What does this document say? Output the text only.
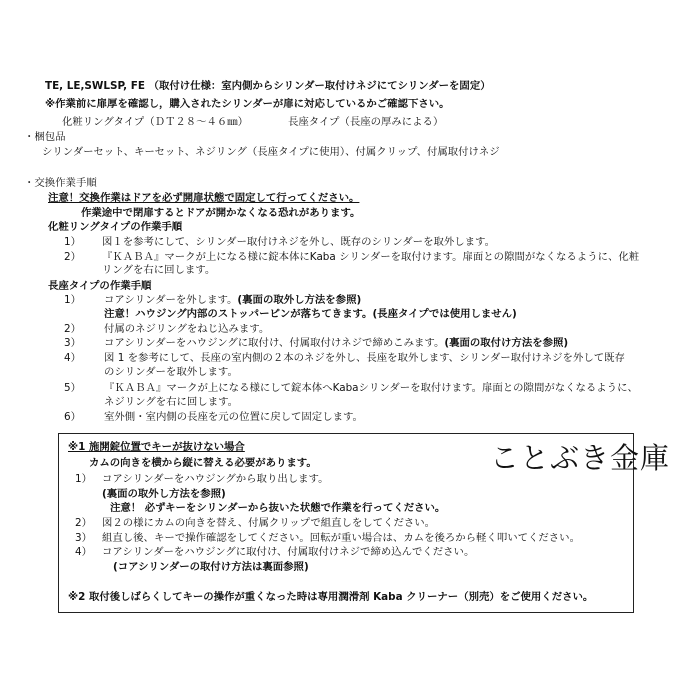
TE, LE,SWLSP, FE （取付け仕様：室内側からシリンダー取付けネジにてシリンダーを固定）
※作業前に扉厚を確認し，購入されたシリンダーが扉に対応しているかご確認下さい。
化粧リングタイプ（ＤＴ２８～４６㎜）	長座タイプ（長座の厚みによる）
・梱包品
シリンダーセット、キーセット、ネジリング（長座タイプに使用）、付属クリップ、付属取付けネジ
・交換作業手順
注意！交換作業はドアを必ず開扉状態で固定して行ってください。
作業途中で閉扉するとドアが開かなくなる恐れがあります。
化粧リングタイプの作業手順
1） 図１を参考にして、シリンダー取付けネジを外し、既存のシリンダーを取外します。
2） 『ＫＡＢＡ』マークが上になる様に錠本体にKaba シリンダーを取付けます。扉面との隙間がなくなるように、化粧
リングを右に回します。
長座タイプの作業手順
1） コアシリンダーを外します。(裏面の取外し方法を参照)
注意！ハウジング内部のストッパーピンが落ちてきます。(長座タイプでは使用しません)
2） 付属のネジリングをねじ込みます。
3） コアシリンダーをハウジングに取付け、付属取付けネジで締めこみます。(裏面の取付け方法を参照)
4） 図 1 を参考にして、長座の室内側の２本のネジを外し、長座を取外します、シリンダー取付けネジを外して既存
のシリンダーを取外します。
5） 『ＫＡＢＡ』マークが上になる様にして錠本体へKabaシリンダーを取付けます。扉面との隙間がなくなるように、
ネジリングを右に回します。
6） 室外側・室内側の長座を元の位置に戻して固定します。
ことぶき金庫
※1 施開錠位置でキーが抜けない場合
カムの向きを横から縦に替える必要があります。
1） コアシリンダーをハウジングから取り出します。
(裏面の取外し方法を参照)
注意！ 必ずキーをシリンダーから抜いた状態で作業を行ってください。
2） 図２の様にカムの向きを替え、付属クリップで組直しをしてください。
3） 組直し後、キーで操作確認をしてください。回転が重い場合は、カムを後ろから軽く叩いてください。
4） コアシリンダーをハウジングに取付け、付属取付けネジで締め込んでください。
(コアシリンダーの取付け方法は裏面参照)
※2 取付後しばらくしてキーの操作が重くなった時は専用潤滑剤 Kaba クリーナー（別売）をご使用ください。
